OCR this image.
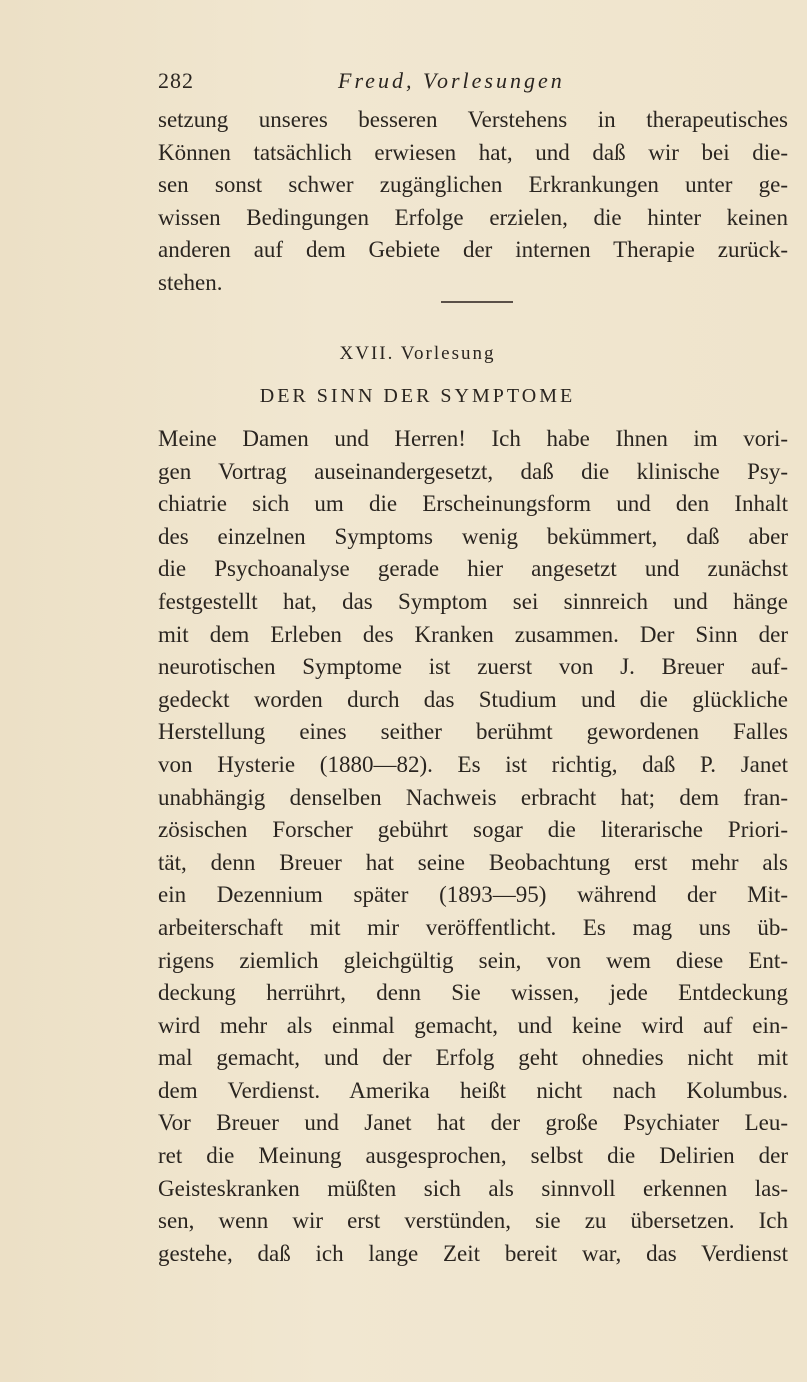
282	Freud, Vorlesungen
setzung unseres besseren Verstehens in therapeutisches
Können tatsächlich erwiesen hat, und daß wir bei die-
sen sonst schwer zugänglichen Erkrankungen unter ge-
wissen Bedingungen Erfolge erzielen, die hinter keinen
anderen auf dem Gebiete der internen Therapie zurück-
stehen.
XVII. Vorlesung
DER SINN DER SYMPTOME
Meine Damen und Herren! Ich habe Ihnen im vori-
gen Vortrag auseinandergesetzt, daß die klinische Psy-
chiatrie sich um die Erscheinungsform und den Inhalt
des einzelnen Symptoms wenig bekümmert, daß aber
die Psychoanalyse gerade hier angesetzt und zunächst
festgestellt hat, das Symptom sei sinnreich und hänge
mit dem Erleben des Kranken zusammen. Der Sinn der
neurotischen Symptome ist zuerst von J. Breuer auf-
gedeckt worden durch das Studium und die glückliche
Herstellung eines seither berühmt gewordenen Falles
von Hysterie (1880—82). Es ist richtig, daß P. Janet
unabhängig denselben Nachweis erbracht hat; dem fran-
zösischen Forscher gebührt sogar die literarische Priori-
tät, denn Breuer hat seine Beobachtung erst mehr als
ein Dezennium später (1893—95) während der Mit-
arbeiterschaft mit mir veröffentlicht. Es mag uns üb-
rigens ziemlich gleichgültig sein, von wem diese Ent-
deckung herrührt, denn Sie wissen, jede Entdeckung
wird mehr als einmal gemacht, und keine wird auf ein-
mal gemacht, und der Erfolg geht ohnedies nicht mit
dem Verdienst. Amerika heißt nicht nach Kolumbus.
Vor Breuer und Janet hat der große Psychiater Leu-
ret die Meinung ausgesprochen, selbst die Delirien der
Geisteskranken müßten sich als sinnvoll erkennen las-
sen, wenn wir erst verstünden, sie zu übersetzen. Ich
gestehe, daß ich lange Zeit bereit war, das Verdienst
